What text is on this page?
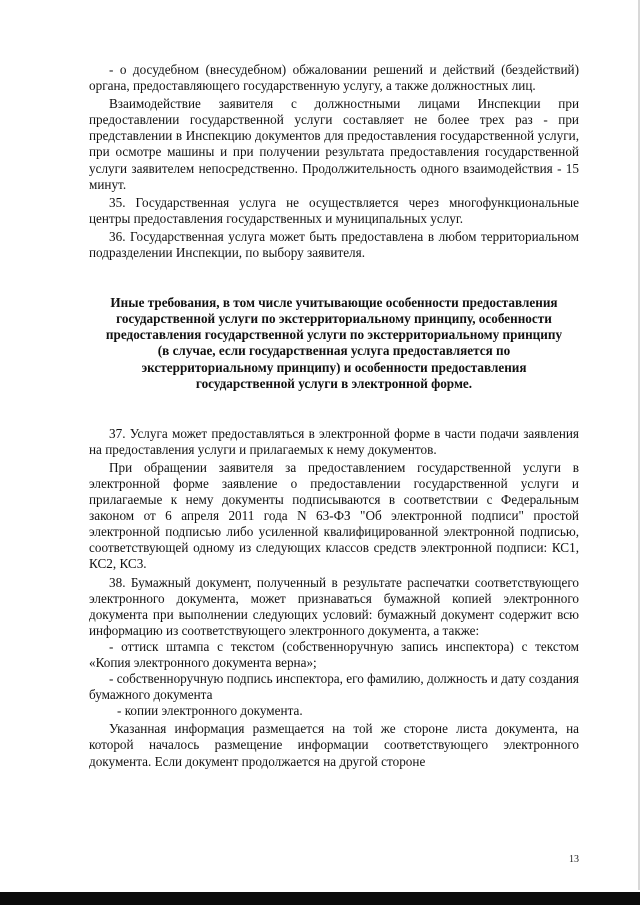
- о досудебном (внесудебном) обжаловании решений и действий (бездействий) органа, предоставляющего государственную услугу, а также должностных лиц.

Взаимодействие заявителя с должностными лицами Инспекции при предоставлении государственной услуги составляет не более трех раз - при представлении в Инспекцию документов для предоставления государственной услуги, при осмотре машины и при получении результата предоставления государственной услуги заявителем непосредственно. Продолжительность одного взаимодействия - 15 минут.

35. Государственная услуга не осуществляется через многофункциональные центры предоставления государственных и муниципальных услуг.

36. Государственная услуга может быть предоставлена в любом территориальном подразделении Инспекции, по выбору заявителя.

Иные требования, в том числе учитывающие особенности предоставления государственной услуги по экстерриториальному принципу, особенности предоставления государственной услуги по экстерриториальному принципу (в случае, если государственная услуга предоставляется по экстерриториальному принципу) и особенности предоставления государственной услуги в электронной форме.

37. Услуга может предоставляться в электронной форме в части подачи заявления на предоставления услуги и прилагаемых к нему документов.

При обращении заявителя за предоставлением государственной услуги в электронной форме заявление о предоставлении государственной услуги и прилагаемые к нему документы подписываются в соответствии с Федеральным законом от 6 апреля 2011 года N 63-ФЗ "Об электронной подписи" простой электронной подписью либо усиленной квалифицированной электронной подписью, соответствующей одному из следующих классов средств электронной подписи: КС1, КС2, КС3.

38. Бумажный документ, полученный в результате распечатки соответствующего электронного документа, может признаваться бумажной копией электронного документа при выполнении следующих условий: бумажный документ содержит всю информацию из соответствующего электронного документа, а также:

- оттиск штампа с текстом (собственноручную запись инспектора) с текстом «Копия электронного документа верна»;

- собственноручную подпись инспектора, его фамилию, должность и дату создания бумажного документа

- копии электронного документа.

Указанная информация размещается на той же стороне листа документа, на которой началось размещение информации соответствующего электронного документа. Если документ продолжается на другой стороне

13
